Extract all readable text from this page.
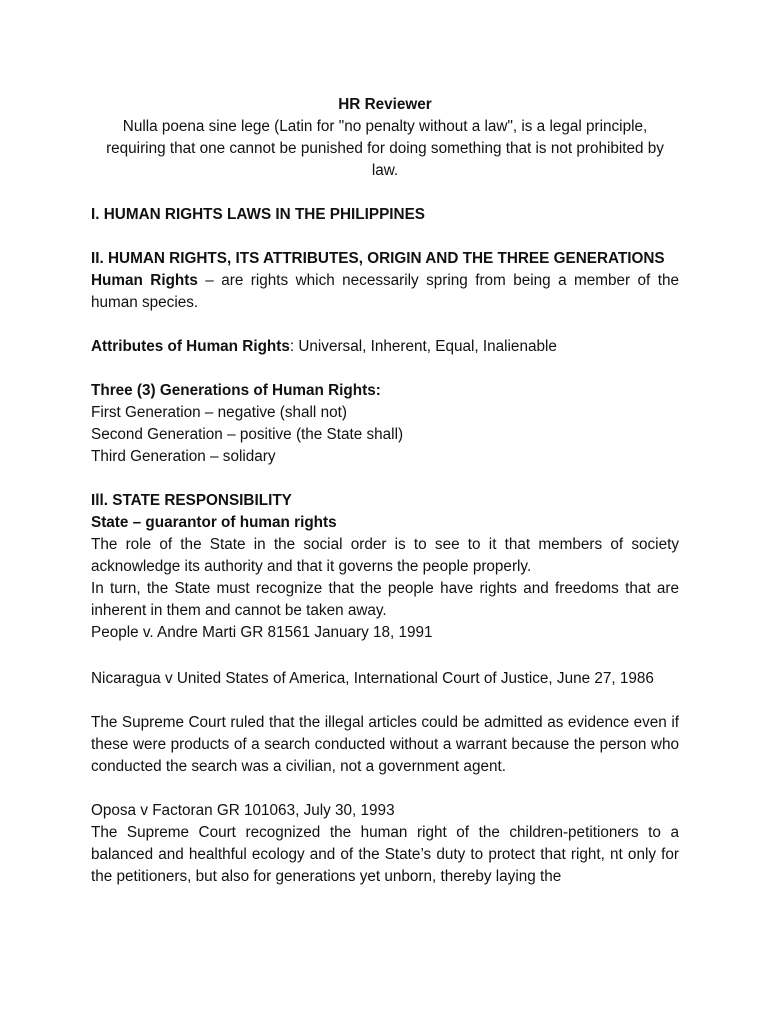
HR Reviewer

Nulla poena sine lege (Latin for "no penalty without a law", is a legal principle, requiring that one cannot be punished for doing something that is not prohibited by law.

I. HUMAN RIGHTS LAWS IN THE PHILIPPINES

II. HUMAN RIGHTS, ITS ATTRIBUTES, ORIGIN AND THE THREE GENERATIONS

Human Rights – are rights which necessarily spring from being a member of the human species.

Attributes of Human Rights: Universal, Inherent, Equal, Inalienable

Three (3) Generations of Human Rights:

First Generation – negative (shall not)

Second Generation – positive (the State shall)

Third Generation – solidary

Ill. STATE RESPONSIBILITY

State – guarantor of human rights

The role of the State in the social order is to see to it that members of society acknowledge its authority and that it governs the people properly.

In turn, the State must recognize that the people have rights and freedoms that are inherent in them and cannot be taken away.

People v. Andre Marti GR 81561 January 18, 1991

Nicaragua v United States of America, International Court of Justice, June 27, 1986

The Supreme Court ruled that the illegal articles could be admitted as evidence even if these were products of a search conducted without a warrant because the person who conducted the search was a civilian, not a government agent.

Oposa v Factoran GR 101063, July 30, 1993

The Supreme Court recognized the human right of the children-petitioners to a balanced and healthful ecology and of the State’s duty to protect that right, nt only for the petitioners, but also for generations yet unborn, thereby laying the
